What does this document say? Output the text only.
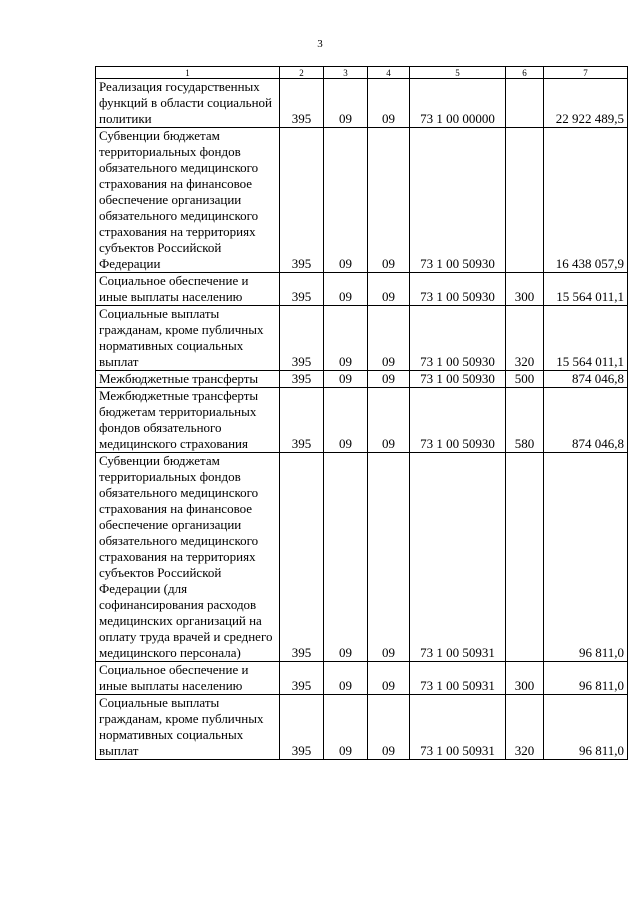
3
1	2	3	4	5	6	7
Реализация государственных функций в области социальной политики	395	09	09	73 1 00 00000		22 922 489,5
Субвенции бюджетам территориальных фондов обязательного медицинского страхования на финансовое обеспечение организации обязательного медицинского страхования на территориях субъектов Российской Федерации	395	09	09	73 1 00 50930		16 438 057,9
Социальное обеспечение и иные выплаты населению	395	09	09	73 1 00 50930	300	15 564 011,1
Социальные выплаты гражданам, кроме публичных нормативных социальных выплат	395	09	09	73 1 00 50930	320	15 564 011,1
Межбюджетные трансферты	395	09	09	73 1 00 50930	500	874 046,8
Межбюджетные трансферты бюджетам территориальных фондов обязательного медицинского страхования	395	09	09	73 1 00 50930	580	874 046,8
Субвенции бюджетам территориальных фондов обязательного медицинского страхования на финансовое обеспечение организации обязательного медицинского страхования на территориях субъектов Российской Федерации (для софинансирования расходов медицинских организаций на оплату труда врачей и среднего медицинского персонала)	395	09	09	73 1 00 50931		96 811,0
Социальное обеспечение и иные выплаты населению	395	09	09	73 1 00 50931	300	96 811,0
Социальные выплаты гражданам, кроме публичных нормативных социальных выплат	395	09	09	73 1 00 50931	320	96 811,0
